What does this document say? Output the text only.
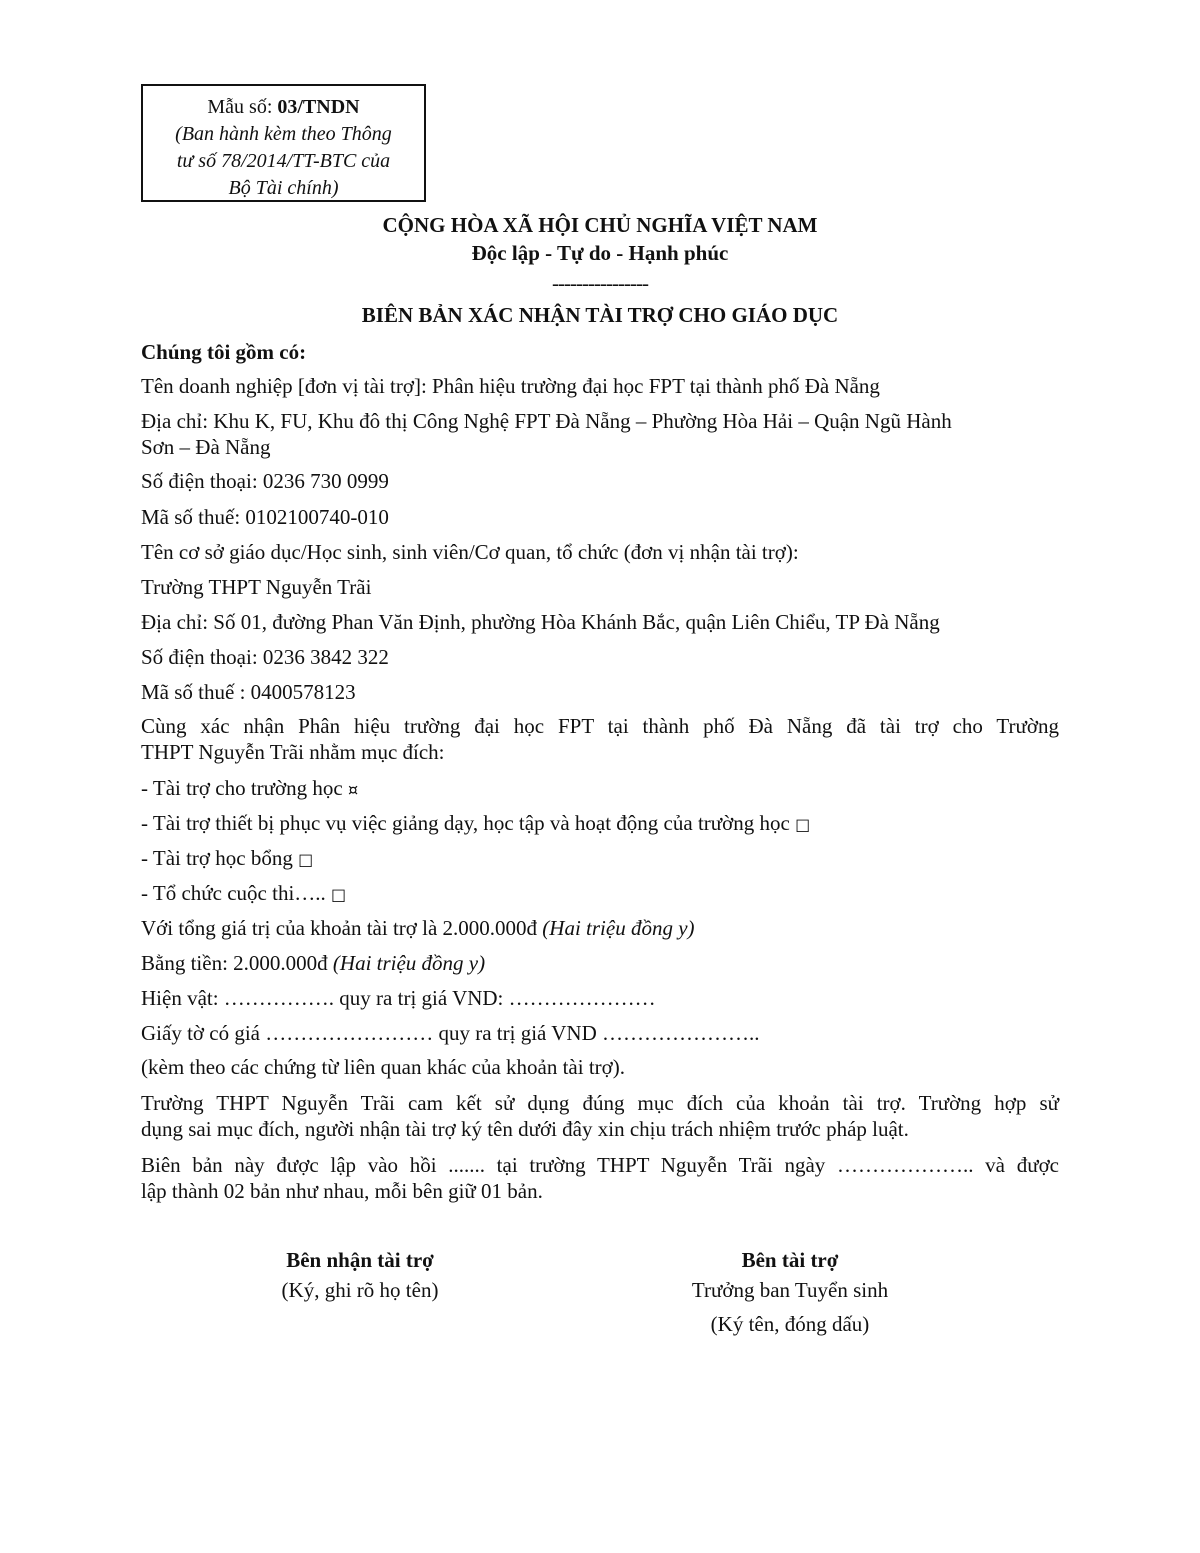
Mẫu số: 03/TNDN
(Ban hành kèm theo Thông
tư số 78/2014/TT-BTC của
Bộ Tài chính)
CỘNG HÒA XÃ HỘI CHỦ NGHĨA VIỆT NAM
Độc lập - Tự do - Hạnh phúc
----------------
BIÊN BẢN XÁC NHẬN TÀI TRỢ CHO GIÁO DỤC
Chúng tôi gồm có:
Tên doanh nghiệp [đơn vị tài trợ]: Phân hiệu trường đại học FPT tại thành phố Đà Nẵng
Địa chỉ: Khu K, FU, Khu đô thị Công Nghệ FPT Đà Nẵng – Phường Hòa Hải – Quận Ngũ Hành
Sơn – Đà Nẵng
Số điện thoại: 0236 730 0999
Mã số thuế: 0102100740-010
Tên cơ sở giáo dục/Học sinh, sinh viên/Cơ quan, tổ chức (đơn vị nhận tài trợ):
Trường THPT Nguyễn Trãi
Địa chỉ: Số 01, đường Phan Văn Định, phường Hòa Khánh Bắc, quận Liên Chiểu, TP Đà Nẵng
Số điện thoại: 0236 3842 322
Mã số thuế : 0400578123
Cùng xác nhận Phân hiệu trường đại học FPT tại thành phố Đà Nẵng đã tài trợ cho Trường
THPT Nguyễn Trãi nhằm mục đích:
- Tài trợ cho trường học ¤
- Tài trợ thiết bị phục vụ việc giảng dạy, học tập và hoạt động của trường học □
- Tài trợ học bổng □
- Tổ chức cuộc thi….. □
Với tổng giá trị của khoản tài trợ là 2.000.000đ (Hai triệu đồng y)
Bằng tiền: 2.000.000đ (Hai triệu đồng y)
Hiện vật: ……………. quy ra trị giá VND: …………………
Giấy tờ có giá …………………… quy ra trị giá VND …………………..
(kèm theo các chứng từ liên quan khác của khoản tài trợ).
Trường THPT Nguyễn Trãi cam kết sử dụng đúng mục đích của khoản tài trợ. Trường hợp sử
dụng sai mục đích, người nhận tài trợ ký tên dưới đây xin chịu trách nhiệm trước pháp luật.
Biên bản này được lập vào hồi ....... tại trường THPT Nguyễn Trãi ngày ……………….. và được
lập thành 02 bản như nhau, mỗi bên giữ 01 bản.
Bên nhận tài trợ
(Ký, ghi rõ họ tên)
Bên tài trợ
Trưởng ban Tuyển sinh
(Ký tên, đóng dấu)
